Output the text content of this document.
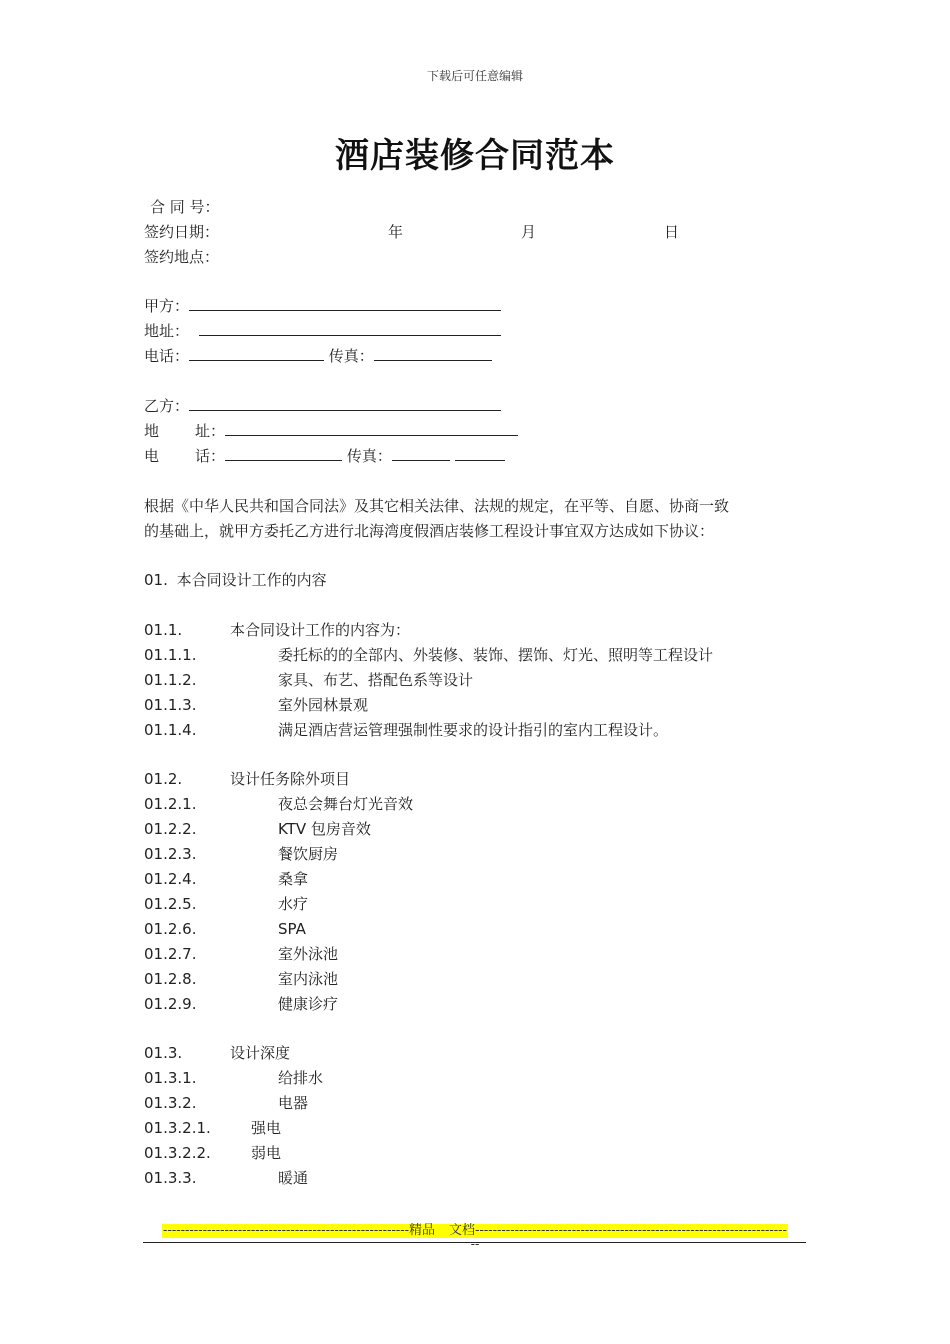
下载后可任意编辑
酒店装修合同范本
合 同 号：
签约日期：	年	月	日
签约地点：
甲方：
地址：
电话：	传真：
乙方：
地 址：
电 话：	传真：
根据《中华人民共和国合同法》及其它相关法律、法规的规定，在平等、自愿、协商一致
的基础上，就甲方委托乙方进行北海湾度假酒店装修工程设计事宜双方达成如下协议：
01. 本合同设计工作的内容
01.1.	本合同设计工作的内容为：
01.1.1.	委托标的的全部内、外装修、装饰、摆饰、灯光、照明等工程设计
01.1.2.	家具、布艺、搭配色系等设计
01.1.3.	室外园林景观
01.1.4.	满足酒店营运管理强制性要求的设计指引的室内工程设计。
01.2.	设计任务除外项目
01.2.1.	夜总会舞台灯光音效
01.2.2.	KTV 包房音效
01.2.3.	餐饮厨房
01.2.4.	桑拿
01.2.5.	水疗
01.2.6.	SPA
01.2.7.	室外泳池
01.2.8.	室内泳池
01.2.9.	健康诊疗
01.3.	设计深度
01.3.1.	给排水
01.3.2.	电器
01.3.2.1.	强电
01.3.2.2.	弱电
01.3.3.	暖通
--------------------------------------------------------精品 文档-------------------------------------------------------------------------
